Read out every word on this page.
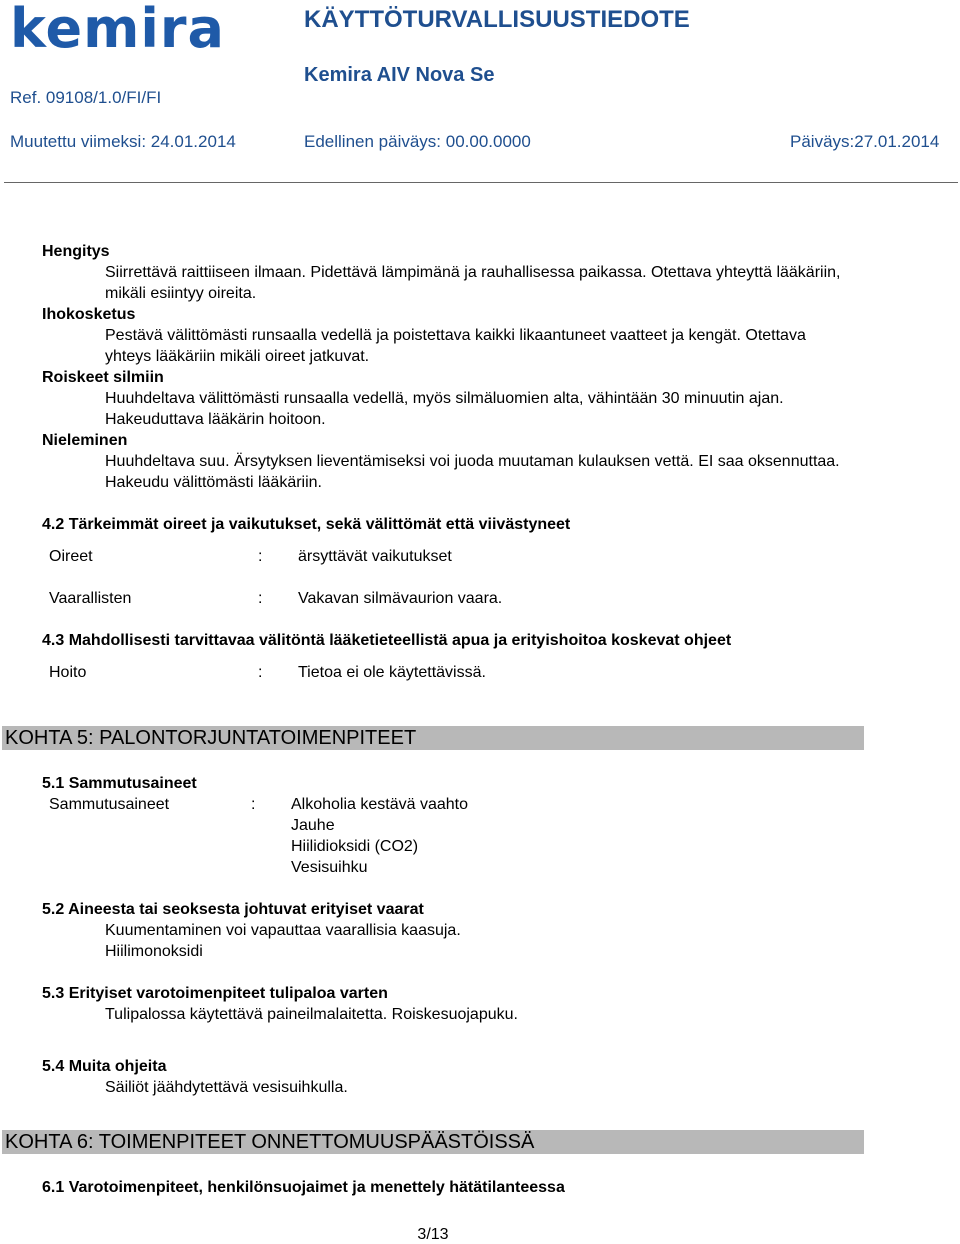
kemira	KÄYTTÖTURVALLISUUSTIEDOTE
Kemira AIV Nova Se
Ref. 09108/1.0/FI/FI
Muutettu viimeksi: 24.01.2014	Edellinen päiväys: 00.00.0000	Päiväys:27.01.2014
Hengitys
Siirrettävä raittiiseen ilmaan. Pidettävä lämpimänä ja rauhallisessa paikassa. Otettava yhteyttä lääkäriin,
mikäli esiintyy oireita.
Ihokosketus
Pestävä välittömästi runsaalla vedellä ja poistettava kaikki likaantuneet vaatteet ja kengät. Otettava
yhteys lääkäriin mikäli oireet jatkuvat.
Roiskeet silmiin
Huuhdeltava välittömästi runsaalla vedellä, myös silmäluomien alta, vähintään 30 minuutin ajan.
Hakeuduttava lääkärin hoitoon.
Nieleminen
Huuhdeltava suu. Ärsytyksen lieventämiseksi voi juoda muutaman kulauksen vettä. EI saa oksennuttaa.
Hakeudu välittömästi lääkäriin.
4.2 Tärkeimmät oireet ja vaikutukset, sekä välittömät että viivästyneet
Oireet	: ärsyttävät vaikutukset
Vaarallisten	: Vakavan silmävaurion vaara.
4.3 Mahdollisesti tarvittavaa välitöntä lääketieteellistä apua ja erityishoitoa koskevat ohjeet
Hoito	: Tietoa ei ole käytettävissä.
KOHTA 5: PALONTORJUNTATOIMENPITEET
5.1 Sammutusaineet
Sammutusaineet	: Alkoholia kestävä vaahto
Jauhe
Hiilidioksidi (CO2)
Vesisuihku
5.2 Aineesta tai seoksesta johtuvat erityiset vaarat
Kuumentaminen voi vapauttaa vaarallisia kaasuja.
Hiilimonoksidi
5.3 Erityiset varotoimenpiteet tulipaloa varten
Tulipalossa käytettävä paineilmalaitetta. Roiskesuojapuku.
5.4 Muita ohjeita
Säiliöt jäähdytettävä vesisuihkulla.
KOHTA 6: TOIMENPITEET ONNETTOMUUSPÄÄSTÖISSÄ
6.1 Varotoimenpiteet, henkilönsuojaimet ja menettely hätätilanteessa
3/13
